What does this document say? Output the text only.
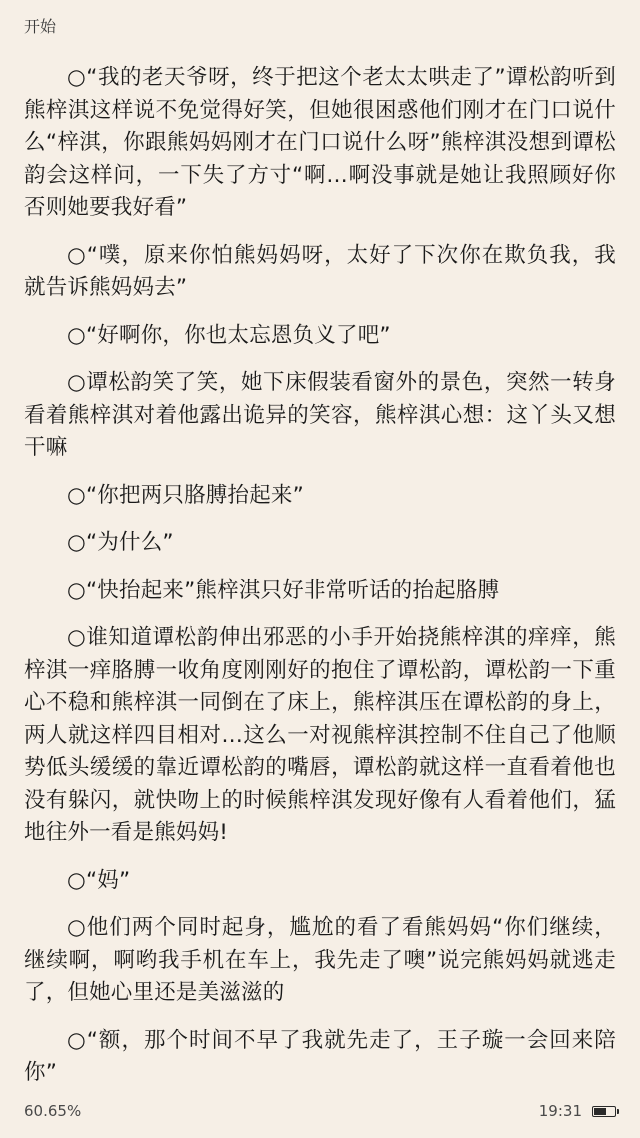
开始

○“我的老天爷呀，终于把这个老太太哄走了”谭松韵听到熊梓淇这样说不免觉得好笑，但她很困惑他们刚才在门口说什么“梓淇，你跟熊妈妈刚才在门口说什么呀”熊梓淇没想到谭松韵会这样问，一下失了方寸“啊…啊没事就是她让我照顾好你否则她要我好看”

○“噗，原来你怕熊妈妈呀，太好了下次你在欺负我，我就告诉熊妈妈去”

○“好啊你，你也太忘恩负义了吧”

○谭松韵笑了笑，她下床假装看窗外的景色，突然一转身看着熊梓淇对着他露出诡异的笑容，熊梓淇心想：这丫头又想干嘛

○“你把两只胳膊抬起来”

○“为什么”

○“快抬起来”熊梓淇只好非常听话的抬起胳膊

○谁知道谭松韵伸出邪恶的小手开始挠熊梓淇的痒痒，熊梓淇一痒胳膊一收角度刚刚好的抱住了谭松韵，谭松韵一下重心不稳和熊梓淇一同倒在了床上，熊梓淇压在谭松韵的身上，两人就这样四目相对…这么一对视熊梓淇控制不住自己了他顺势低头缓缓的靠近谭松韵的嘴唇，谭松韵就这样一直看着他也没有躲闪，就快吻上的时候熊梓淇发现好像有人看着他们，猛地往外一看是熊妈妈!

○“妈”

○他们两个同时起身，尴尬的看了看熊妈妈“你们继续，继续啊，啊哟我手机在车上，我先走了噢”说完熊妈妈就逃走了，但她心里还是美滋滋的

○“额，那个时间不早了我就先走了，王子璇一会回来陪你”

60.65%	19:31
